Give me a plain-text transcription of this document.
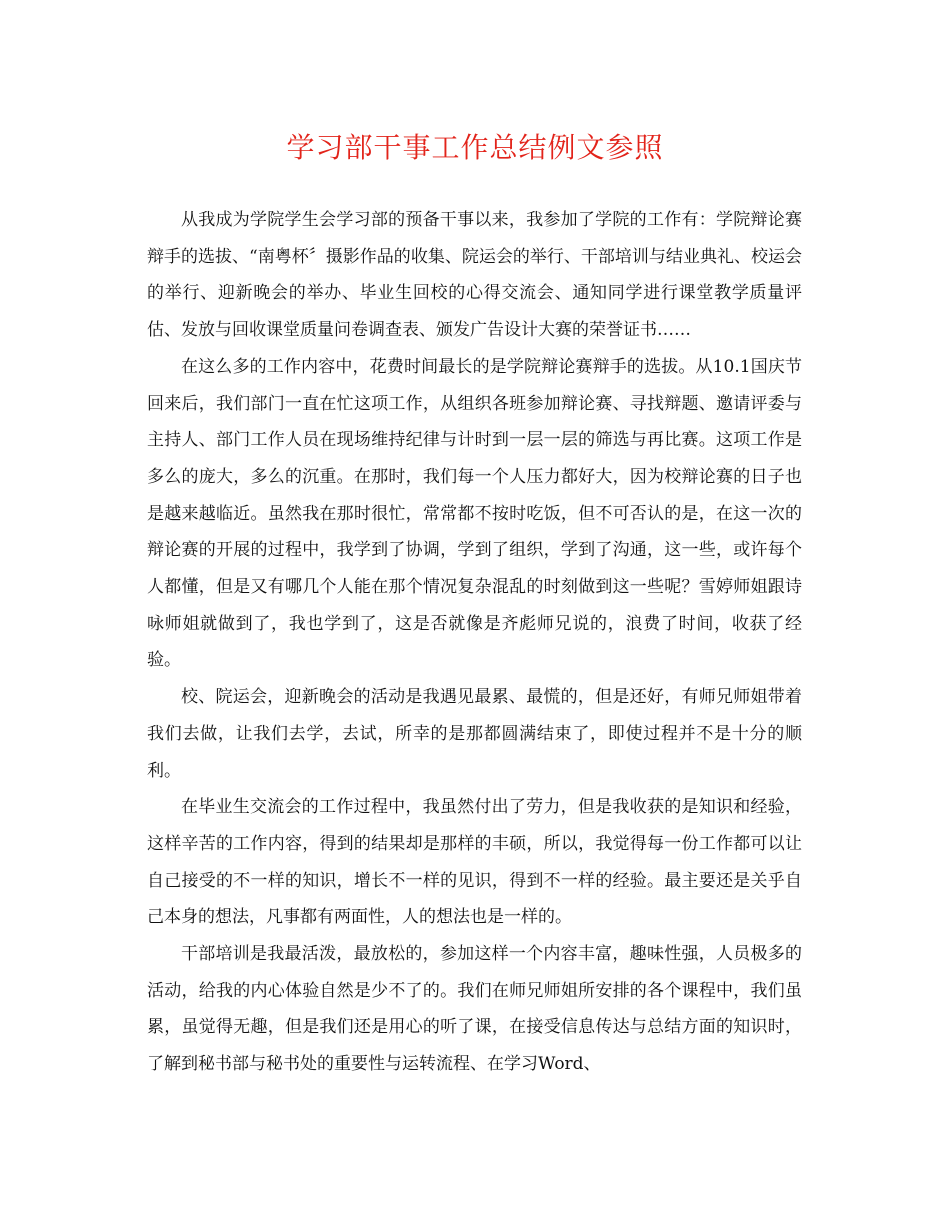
学习部干事工作总结例文参照

从我成为学院学生会学习部的预备干事以来，我参加了学院的工作有：学院辩论赛辩手的选拔、“南粤杯〞摄影作品的收集、院运会的举行、干部培训与结业典礼、校运会的举行、迎新晚会的举办、毕业生回校的心得交流会、通知同学进行课堂教学质量评估、发放与回收课堂质量问卷调查表、颁发广告设计大赛的荣誉证书……

在这么多的工作内容中，花费时间最长的是学院辩论赛辩手的选拔。从10.1国庆节回来后，我们部门一直在忙这项工作，从组织各班参加辩论赛、寻找辩题、邀请评委与主持人、部门工作人员在现场维持纪律与计时到一层一层的筛选与再比赛。这项工作是多么的庞大，多么的沉重。在那时，我们每一个人压力都好大，因为校辩论赛的日子也是越来越临近。虽然我在那时很忙，常常都不按时吃饭，但不可否认的是，在这一次的辩论赛的开展的过程中，我学到了协调，学到了组织，学到了沟通，这一些，或许每个人都懂，但是又有哪几个人能在那个情况复杂混乱的时刻做到这一些呢？雪婷师姐跟诗咏师姐就做到了，我也学到了，这是否就像是齐彪师兄说的，浪费了时间，收获了经验。

校、院运会，迎新晚会的活动是我遇见最累、最慌的，但是还好，有师兄师姐带着我们去做，让我们去学，去试，所幸的是那都圆满结束了，即使过程并不是十分的顺利。

在毕业生交流会的工作过程中，我虽然付出了劳力，但是我收获的是知识和经验，这样辛苦的工作内容，得到的结果却是那样的丰硕，所以，我觉得每一份工作都可以让自己接受的不一样的知识，增长不一样的见识，得到不一样的经验。最主要还是关乎自己本身的想法，凡事都有两面性，人的想法也是一样的。

干部培训是我最活泼，最放松的，参加这样一个内容丰富，趣味性强，人员极多的活动，给我的内心体验自然是少不了的。我们在师兄师姐所安排的各个课程中，我们虽累，虽觉得无趣，但是我们还是用心的听了课，在接受信息传达与总结方面的知识时，了解到秘书部与秘书处的重要性与运转流程、在学习Word、
